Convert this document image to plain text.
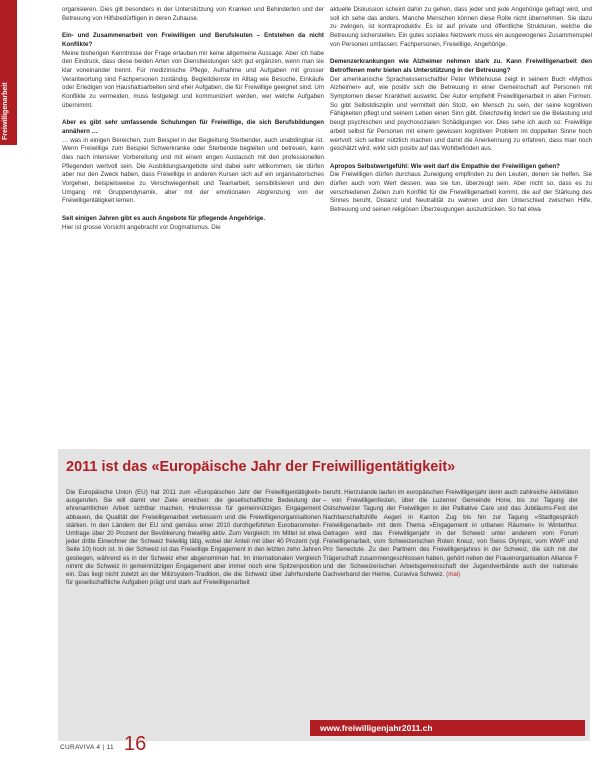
Freiwilligenarbeit

organisieren. Dies gilt besonders in der Unterstützung von Kranken und Behinderten und der Betreuung von Hilfsbedürftigen in deren Zuhause.

Ein- und Zusammenarbeit von Freiwilligen und Berufsleuten – Entstehen da nicht Konflikte?

Meine bisherigen Kenntnisse der Frage erlauben mir keine allgemeine Aussage. Aber ich habe den Eindruck, dass diese beiden Arten von Dienstleistungen sich gut ergänzen, wenn man sie klar voneinander trennt. Für medizinische Pflege, Aufnahme und Aufgaben mit grosser Verantwortung sind Fachpersonen zuständig. Begleitdienste im Alltag wie Besuche, Einkäufe oder Erledigen von Haushaltsarbeiten sind eher Aufgaben, die für Freiwillige geeignet sind. Um Konflikte zu vermeiden, muss festgelegt und kommuniziert werden, wer welche Aufgaben übernimmt.

Aber es gibt sehr umfassende Schulungen für Freiwillige, die sich Berufsbildungen annähern …

… was in einigen Bereichen, zum Beispiel in der Begleitung Sterbender, auch unabdingbar ist. Wenn Freiwillige zum Beispiel Schwerkranke oder Sterbende begleiten und betreuen, kann dies nach intensiver Vorbereitung und mit einem engen Austausch mit den professionellen Pflegenden wertvoll sein. Die Ausbildungsangebote sind dabei sehr willkommen, sie dürfen aber nur den Zweck haben, dass Freiwillige in anderen Kursen sich auf ein organisatorisches Vorgehen, beispielsweise zu Verschwiegenheit und Teamarbeit, sensibilisieren und den Umgang mit Gruppendynamik, aber mit der emotionalen Abgrenzung von der Freiwilligentätigkeit lernen.

Seit einigen Jahren gibt es auch Angebote für pflegende Angehörige.

Hier ist grosse Vorsicht angebracht vor Dogmatismus. Die

aktuelle Diskussion scheint dahin zu gehen, dass jeder und jede Angehörige gefragt wird, und soll ich sehe das anders. Manche Menschen können diese Rolle nicht übernehmen. Sie dazu zu zwingen, ist kontraproduktiv. Es ist auf private und öffentliche Strukturen, welche die Betreuung sicherstellen. Ein gutes soziales Netzwerk muss ein ausgewogenes Zusammenspiel von Personen umfassen: Fachpersonen, Freiwillige, Angehörige.

Demenzerkrankungen wie Alzheimer nehmen stark zu. Kann Freiwilligenarbeit den Betroffenen mehr bieten als Unterstützung in der Betreuung?

Der amerikanische Sprachwissenschaftler Peter Whitehouse zeigt in seinem Buch «Mythos Alzheimer» auf, wie positiv sich die Betreuung in einer Gemeinschaft auf Personen mit Symptomen dieser Krankheit auswirkt. Der Autor empfiehlt Freiwilligenarbeit in allen Formen. So gibt Selbstdisziplin und vermittelt den Stolz, ein Mensch zu sein, der seine kognitiven Fähigkeiten pflegt und seinem Leben einen Sinn gibt. Gleichzeitig lindert sie die Belastung und beugt psychischen und psychosozialen Schädigungen vor. Dies sehe ich auch so: Freiwillige arbeit selbst für Personen mit einem gewissen kognitiven Problem im doppelten Sinne hoch wertvoll: sich selber nützlich machen und damit die Anerkennung zu erfahren, dass man noch geschätzt wird, wirkt sich positiv auf das Wohlbefinden aus.

Apropos Selbstwertgefühl: Wie weit darf die Empathie der Freiwilligen gehen?

Die Freiwilligen dürfen durchaus Zuneigung empfinden zu den Leuten, denen sie helfen. Sie dürfen auch vom Wert dessen, was sie tun, überzeugt sein. Aber nicht so, dass es zu verschiedenen Zeiten zum Konflikt für die Freiwilligenarbeit kommt, die auf der Stärkung des Sinnes beruht, Distanz und Neutralität zu wahren und den Unterschied zwischen Hilfe, Betreuung und seinen religiösen Überzeugungen auszudrücken. So hat etwa

2011 ist das «Europäische Jahr der Freiwilligentätigkeit»
Die Europäische Union (EU) hat 2011 zum «Europäischen Jahr der Freiwilligentätigkeit» ausgerufen. Sie will damit vier Ziele erreichen: die gesellschaftliche Bedeutung der ehrenamtlichen Arbeit sichtbar machen, Hindernisse für gemeinnütziges Engagement abbauen, die Qualität der Freiwilligenarbeit verbessern und die Freiwilligenorganisationen stärken. In den Ländern der EU sind gemäss einer 2010 durchgeführten Eurobarometer-Umfrage über 20 Prozent der Bevölkerung freiwillig aktiv. Zum Vergleich: Im Mittel ist etwa jeder dritte Einwohner der Schweiz freiwillig tätig, wobei der Anteil mit über 40 Prozent (vgl. Seite 10) hoch ist. In der Schweiz ist das Freiwillige Engagement in den letzten zehn Jahren gestiegen, während es in der Schweiz eher abgenommen hat. Im internationalen Vergleich nimmt die Schweiz in gemeinnützigen Engagement aber immer noch eine Spitzenposition ein. Das liegt nicht zuletzt an der Milizsystem-Tradition, die die Schweiz über Jahrhunderte für gesellschaftliche Aufgaben prägt und stark auf Freiwilligenarbeit
beruht. Hierzulande laufen im europäischen Freiwilligenjahr denn auch zahlreiche Aktivitäten – von Freiwilligenfesten, über die Luzerner Gemeinde Horw, bis zur Tagung der Ostschweizer Tagung der Freiwilligen in der Palliative Care und das Jubiläums-Fest der Nachbarschaftshilfe Aegeri in Kanton Zug bis hin zur Tagung «Stadtgespräch Freiwilligenarbeit» mit dem Thema «Engagement in urbanen Räumen» in Winterthur. Getragen wird das Freiwilligenjahr in der Schweiz unter anderem vom Forum Freiwilligenarbeit, vom Schweizerischen Roten Kreuz, von Swiss Olympic, vom WWF und Pro Senectute. Zu den Partnern des Freiwilligenjahres in der Schweiz, die sich mit der Trägerschaft zusammengeschlossen haben, gehört neben der Frauenorganisation Alliance F und der Schweizerischen Arbeitsgemeinschaft der Jugendverbände auch der nationale Dachverband der Heime, Curaviva Schweiz. (mal)
www.freiwilligenjahr2011.ch
CURAVIVA 4 | 11 16
